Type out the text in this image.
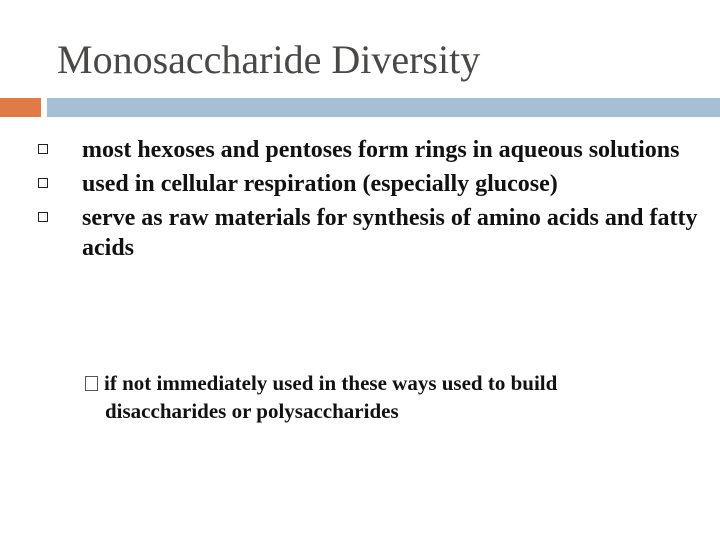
Monosaccharide Diversity
most hexoses and pentoses form rings in aqueous solutions
used in cellular respiration (especially glucose)
serve as raw materials for synthesis of amino acids and fatty acids
if not immediately used in these ways used to build
disaccharides or polysaccharides
